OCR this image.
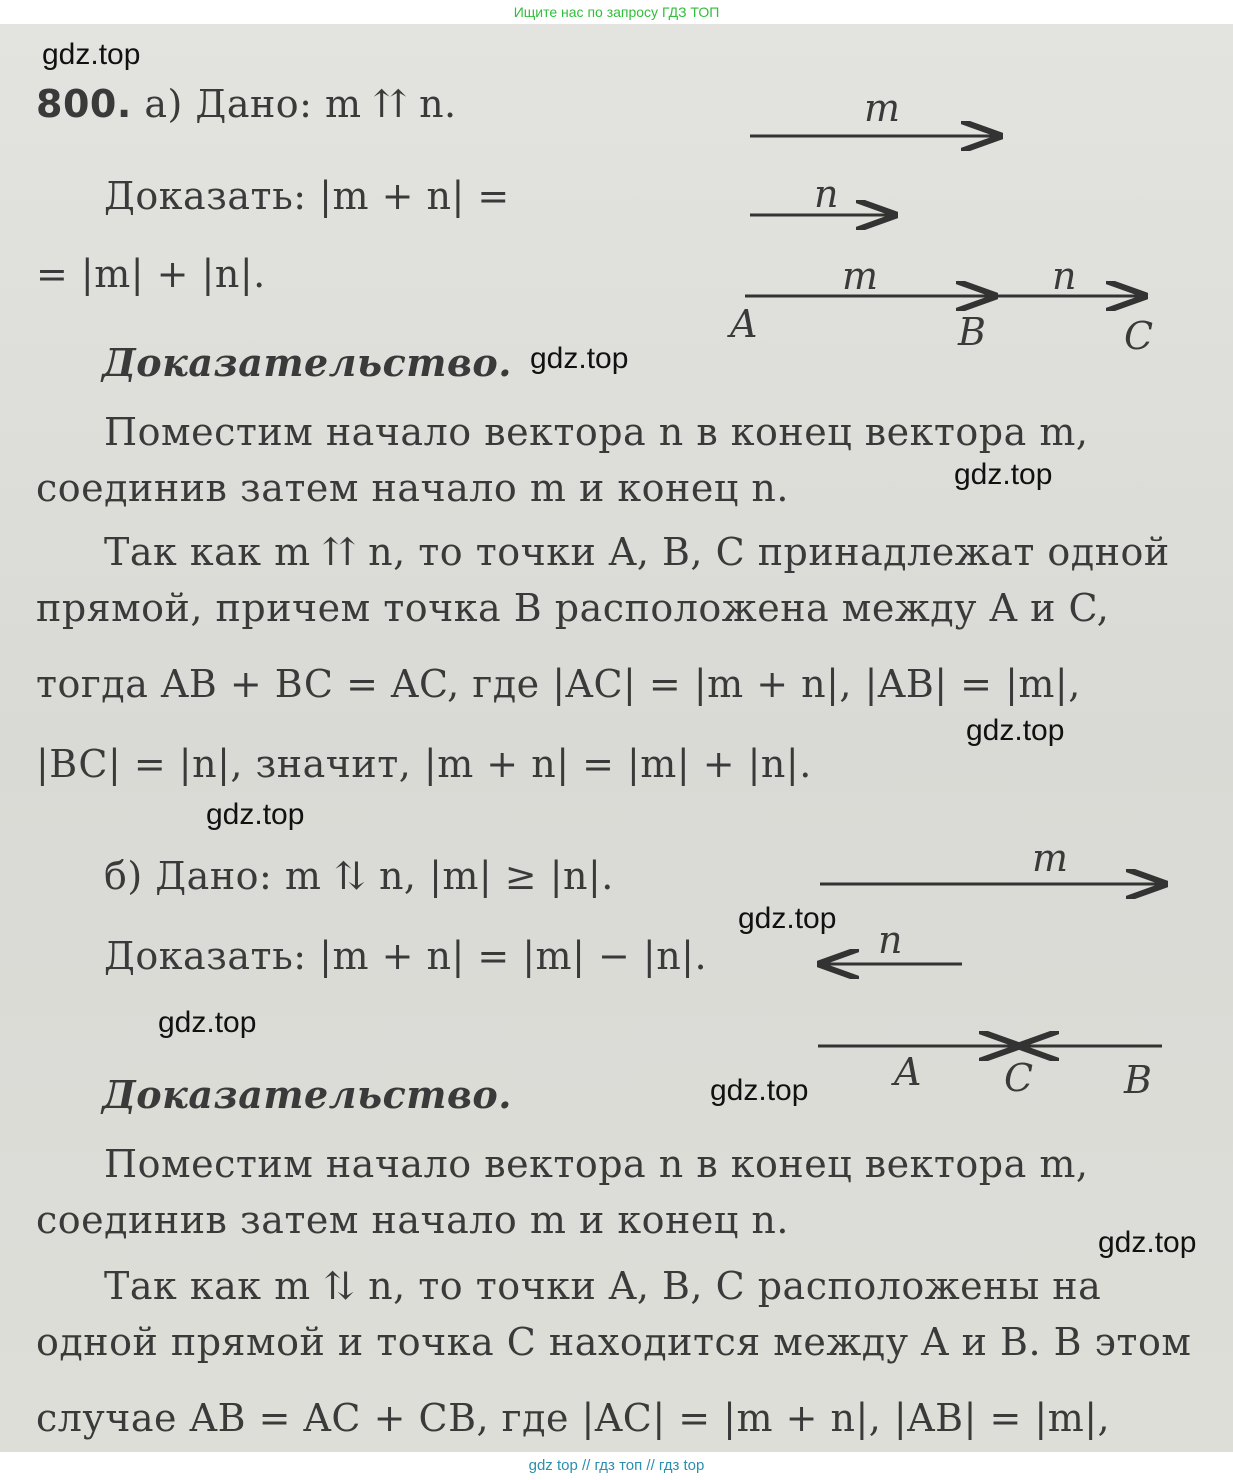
Ищите нас по запросу ГДЗ ТОП
800. а) Дано: m ⇈ n.
Доказать: |m + n| =
= |m| + |n|.
Доказательство.
Поместим начало вектора n в конец вектора m,
соединив затем начало m и конец n.
Так как m ⇈ n, то точки A, B, C принадлежат одной
прямой, причем точка B расположена между A и C,
тогда AB + BC = AC, где |AC| = |m + n|, |AB| = |m|,
|BC| = |n|, значит, |m + n| = |m| + |n|.
б) Дано: m ⇅ n, |m| ≥ |n|.
Доказать: |m + n| = |m| − |n|.
Доказательство.
Поместим начало вектора n в конец вектора m,
соединив затем начало m и конец n.
Так как m ⇅ n, то точки A, B, C расположены на
одной прямой и точка C находится между A и B. В этом
случае AB = AC + CB, где |AC| = |m + n|, |AB| = |m|,
m
n
m	n
A	B	C
m
n
A C B
gdz.top
gdz.top
gdz.top
gdz.top
gdz.top
gdz.top
gdz.top
gdz.top
gdz.top
gdz top // гдз топ // гдз top
